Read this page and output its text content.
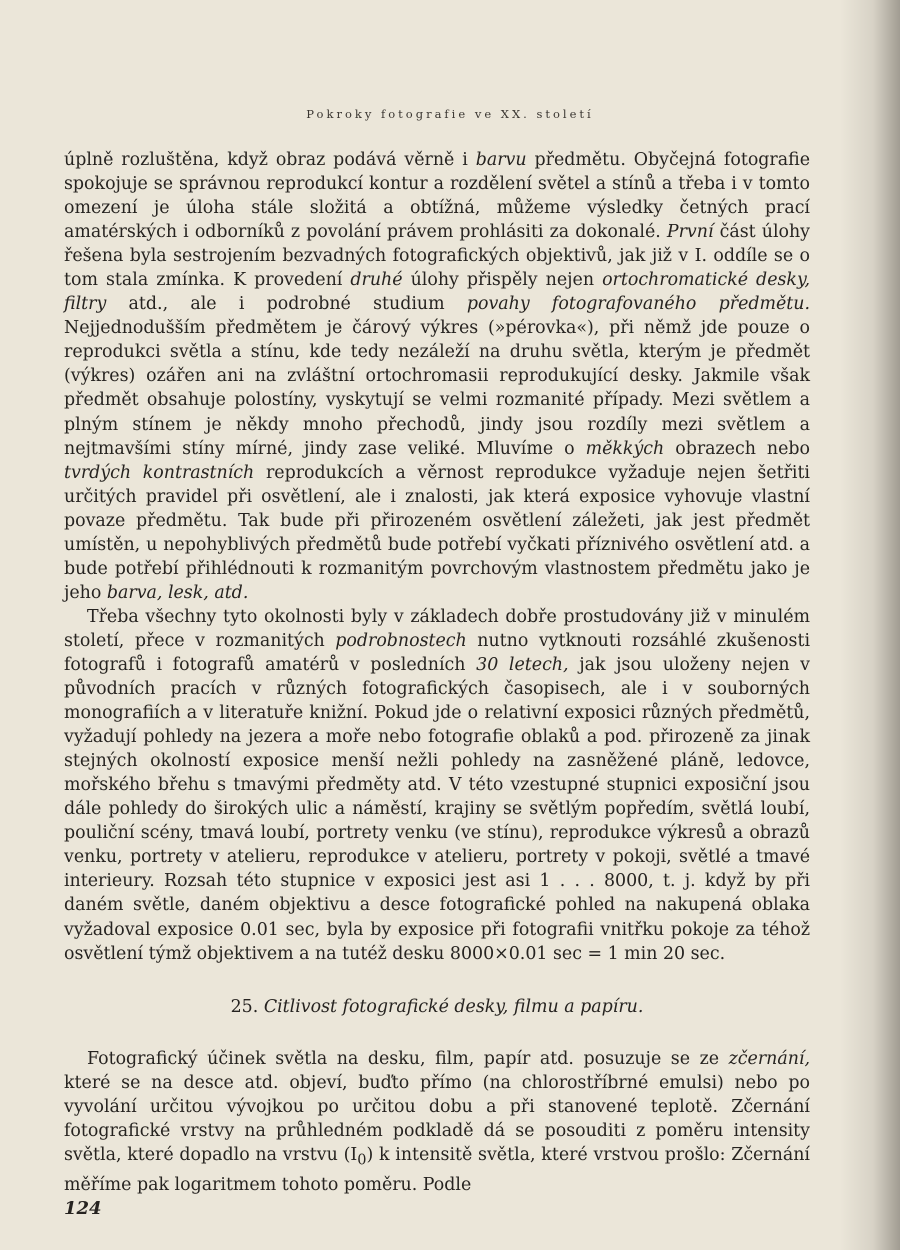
Pokroky fotografie ve XX. století

úplně rozluštěna, když obraz podává věrně i barvu předmětu. Obyčejná fotografie spokojuje se správnou reprodukcí kontur a rozdělení světel a stínů a třeba i v tomto omezení je úloha stále složitá a obtížná, můžeme výsledky četných prací amatérských i odborníků z povolání právem prohlásiti za dokonalé. První část úlohy řešena byla sestrojením bezvadných fotografických objektivů, jak již v I. oddíle se o tom stala zmínka. K provedení druhé úlohy přispěly nejen ortochromatické desky, filtry atd., ale i podrobné studium povahy fotografovaného předmětu. Nejjednodušším předmětem je čárový výkres (»pérovka«), při němž jde pouze o reprodukci světla a stínu, kde tedy nezáleží na druhu světla, kterým je předmět (výkres) ozářen ani na zvláštní ortochromasii reprodukující desky. Jakmile však předmět obsahuje polostíny, vyskytují se velmi rozmanité případy. Mezi světlem a plným stínem je někdy mnoho přechodů, jindy jsou rozdíly mezi světlem a nejtmavšími stíny mírné, jindy zase veliké. Mluvíme o měkkých obrazech nebo tvrdých kontrastních reprodukcích a věrnost reprodukce vyžaduje nejen šetřiti určitých pravidel při osvětlení, ale i znalosti, jak která exposice vyhovuje vlastní povaze předmětu. Tak bude při přirozeném osvětlení záležeti, jak jest předmět umístěn, u nepohyblivých předmětů bude potřebí vyčkati příznivého osvětlení atd. a bude potřebí přihlédnouti k rozmanitým povrchovým vlastnostem předmětu jako je jeho barva, lesk, atd.

Třeba všechny tyto okolnosti byly v základech dobře prostudovány již v minulém století, přece v rozmanitých podrobnostech nutno vytknouti rozsáhlé zkušenosti fotografů i fotografů amatérů v posledních 30 letech, jak jsou uloženy nejen v původních pracích v různých fotografických časopisech, ale i v souborných monografiích a v literatuře knižní. Pokud jde o relativní exposici různých předmětů, vyžadují pohledy na jezera a moře nebo fotografie oblaků a pod. přirozeně za jinak stejných okolností exposice menší nežli pohledy na zasněžené pláně, ledovce, mořského břehu s tmavými předměty atd. V této vzestupné stupnici exposiční jsou dále pohledy do širokých ulic a náměstí, krajiny se světlým popředím, světlá loubí, pouliční scény, tmavá loubí, portrety venku (ve stínu), reprodukce výkresů a obrazů venku, portrety v atelieru, reprodukce v atelieru, portrety v pokoji, světlé a tmavé interieury. Rozsah této stupnice v exposici jest asi 1 . . . 8000, t. j. když by při daném světle, daném objektivu a desce fotografické pohled na nakupená oblaka vyžadoval exposice 0.01 sec, byla by exposice při fotografii vnitřku pokoje za téhož osvětlení týmž objektivem a na tutéž desku 8000×0.01 sec = 1 min 20 sec.

25. Citlivost fotografické desky, filmu a papíru.

Fotografický účinek světla na desku, film, papír atd. posuzuje se ze zčernání, které se na desce atd. objeví, buďto přímo (na chlorostříbrné emulsi) nebo po vyvolání určitou vývojkou po určitou dobu a při stanovené teplotě. Zčernání fotografické vrstvy na průhledném podkladě dá se posouditi z poměru intensity světla, které dopadlo na vrstvu $(I_0)$ k intensitě světla, které vrstvou prošlo: Zčernání měříme pak logaritmem tohoto poměru. Podle

124
